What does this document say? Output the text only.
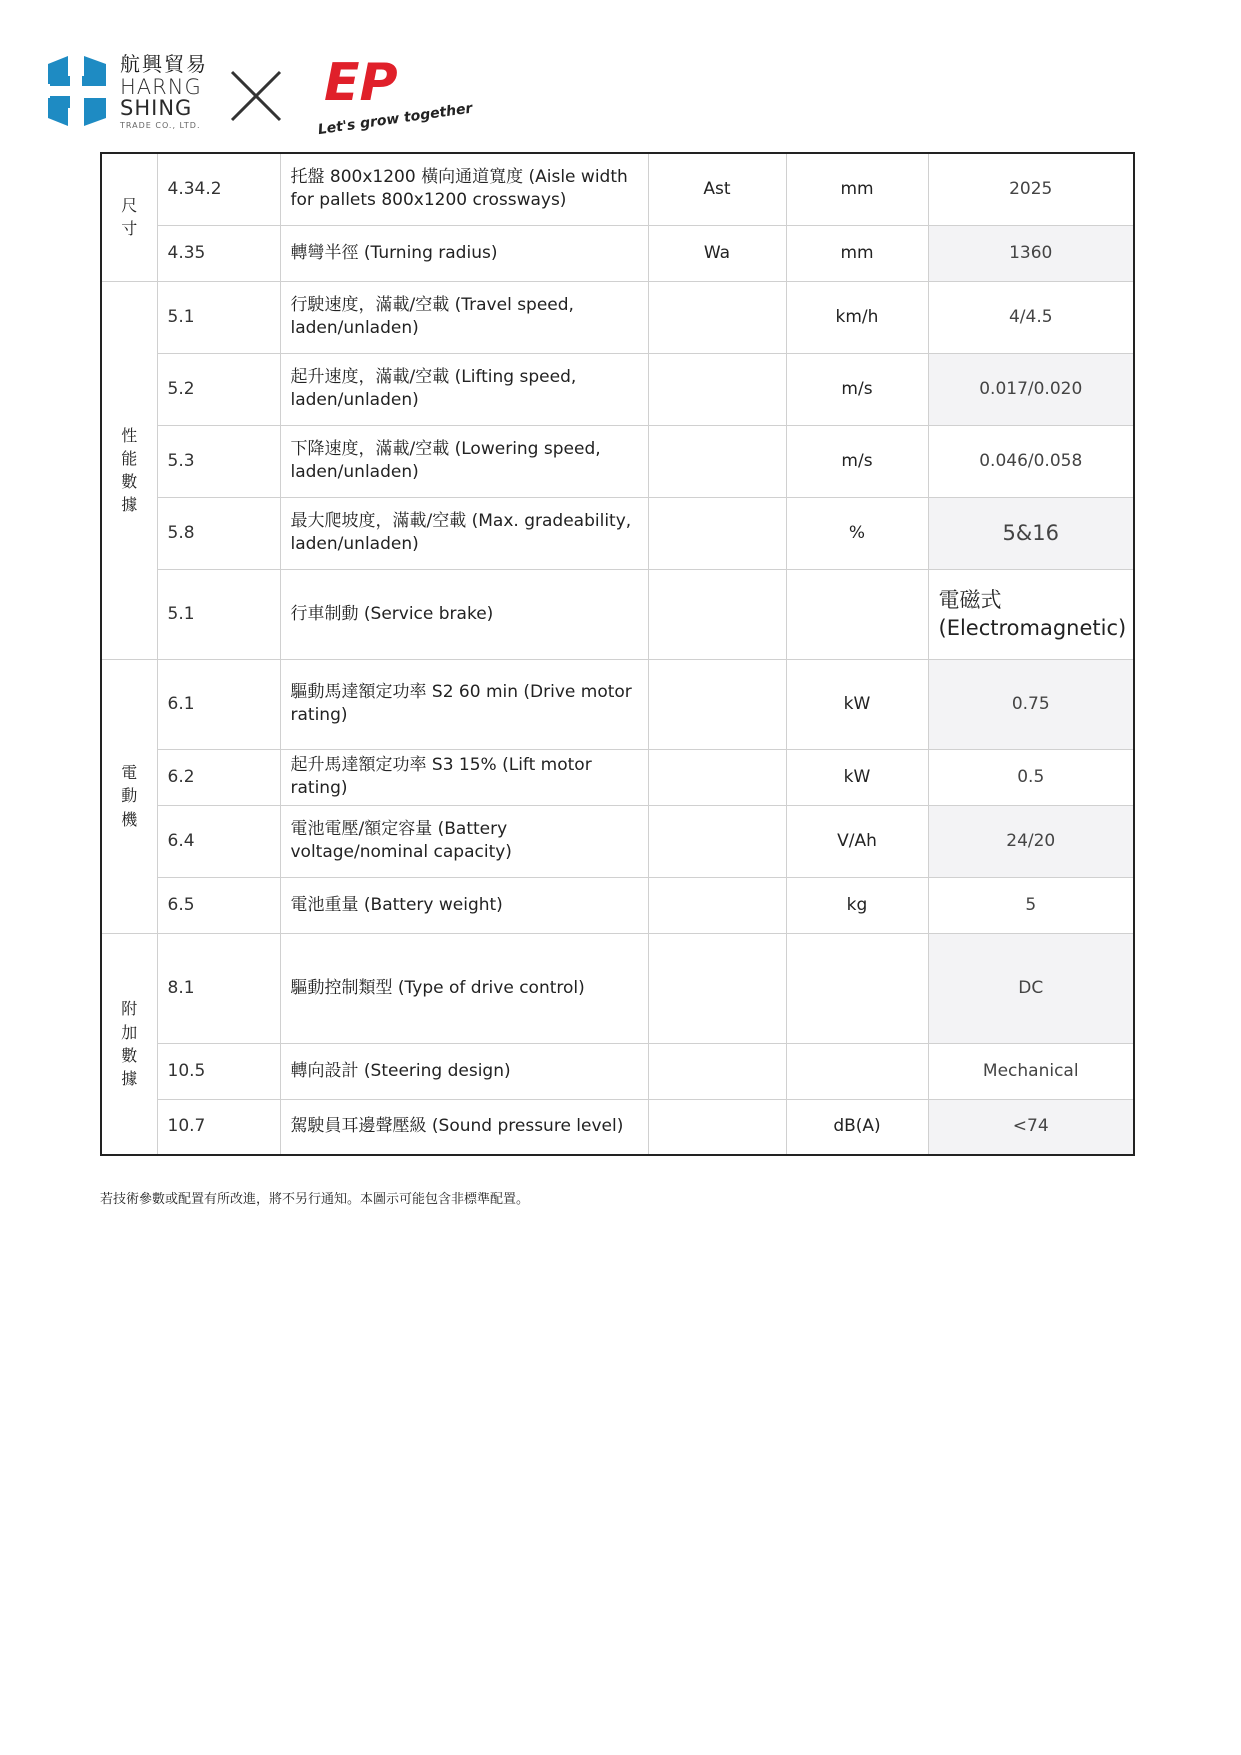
航興貿易
HARNG
SHING
TRADE CO., LTD.
EP
Let's grow together
尺寸	4.34.2	托盤 800x1200 橫向通道寬度 (Aisle width for pallets 800x1200 crossways)	Ast	mm	2025
	4.35	轉彎半徑 (Turning radius)	Wa	mm	1360
性能數據	5.1	行駛速度，滿載/空載 (Travel speed, laden/unladen)		km/h	4/4.5
	5.2	起升速度，滿載/空載 (Lifting speed, laden/unladen)		m/s	0.017/0.020
	5.3	下降速度，滿載/空載 (Lowering speed, laden/unladen)		m/s	0.046/0.058
	5.8	最大爬坡度，滿載/空載 (Max. gradeability, laden/unladen)		%	5&16
	5.1	行車制動 (Service brake)			電磁式 (Electromagnetic)
電動機	6.1	驅動馬達額定功率 S2 60 min (Drive motor rating)		kW	0.75
	6.2	起升馬達額定功率 S3 15% (Lift motor rating)		kW	0.5
	6.4	電池電壓/額定容量 (Battery voltage/nominal capacity)		V/Ah	24/20
	6.5	電池重量 (Battery weight)		kg	5
附加數據	8.1	驅動控制類型 (Type of drive control)			DC
	10.5	轉向設計 (Steering design)			Mechanical
	10.7	駕駛員耳邊聲壓級 (Sound pressure level)		dB(A)	<74
若技術參數或配置有所改進，將不另行通知。本圖示可能包含非標準配置。
